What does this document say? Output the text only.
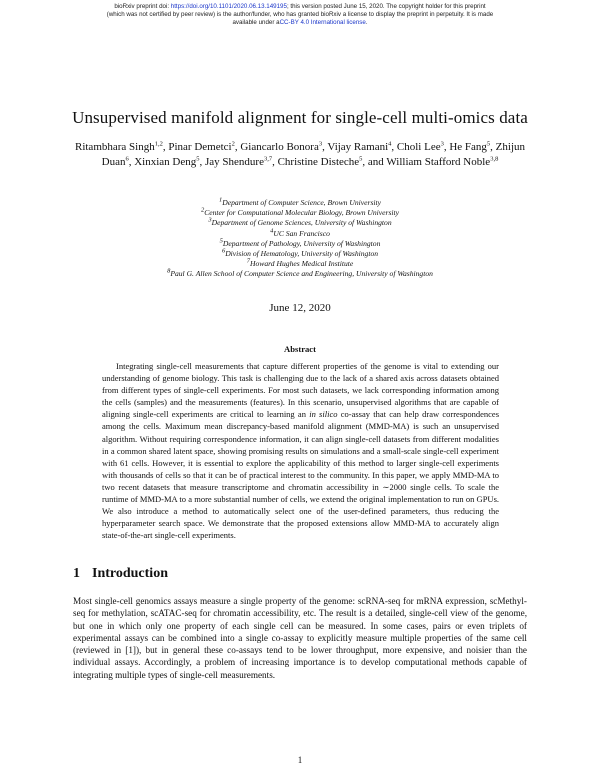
bioRxiv preprint doi: https://doi.org/10.1101/2020.06.13.149195; this version posted June 15, 2020. The copyright holder for this preprint
(which was not certified by peer review) is the author/funder, who has granted bioRxiv a license to display the preprint in perpetuity. It is made
available under aCC-BY 4.0 International license.
Unsupervised manifold alignment for single-cell multi-omics data
Ritambhara Singh$^{1,2}$, Pinar Demetci$^2$, Giancarlo Bonora$^3$, Vijay Ramani$^4$, Choli Lee$^3$, He Fang$^5$, Zhijun Duan$^6$, Xinxian Deng$^5$, Jay Shendure$^{3,7}$, Christine Disteche$^5$, and William Stafford Noble$^{3,8}$
$^1$Department of Computer Science, Brown University
$^2$Center for Computational Molecular Biology, Brown University
$^3$Department of Genome Sciences, University of Washington
$^4$UC San Francisco
$^5$Department of Pathology, University of Washington
$^6$Division of Hematology, University of Washington
$^7$Howard Hughes Medical Institute
$^8$Paul G. Allen School of Computer Science and Engineering, University of Washington
June 12, 2020
Abstract

Integrating single-cell measurements that capture different properties of the genome is vital to extending our understanding of genome biology. This task is challenging due to the lack of a shared axis across datasets obtained from different types of single-cell experiments. For most such datasets, we lack corresponding information among the cells (samples) and the measurements (features). In this scenario, unsupervised algorithms that are capable of aligning single-cell experiments are critical to learning an in silico co-assay that can help draw correspondences among the cells. Maximum mean discrepancy-based manifold alignment (MMD-MA) is such an unsupervised algorithm. Without requiring correspondence information, it can align single-cell datasets from different modalities in a common shared latent space, showing promising results on simulations and a small-scale single-cell experiment with 61 cells. However, it is essential to explore the applicability of this method to larger single-cell experiments with thousands of cells so that it can be of practical interest to the community. In this paper, we apply MMD-MA to two recent datasets that measure transcriptome and chromatin accessibility in ∼2000 single cells. To scale the runtime of MMD-MA to a more substantial number of cells, we extend the original implementation to run on GPUs. We also introduce a method to automatically select one of the user-defined parameters, thus reducing the hyperparameter search space. We demonstrate that the proposed extensions allow MMD-MA to accurately align state-of-the-art single-cell experiments.

1 Introduction

Most single-cell genomics assays measure a single property of the genome: scRNA-seq for mRNA expression, scMethyl-seq for methylation, scATAC-seq for chromatin accessibility, etc. The result is a detailed, single-cell view of the genome, but one in which only one property of each single cell can be measured. In some cases, pairs or even triplets of experimental assays can be combined into a single co-assay to explicitly measure multiple properties of the same cell (reviewed in [1]), but in general these co-assays tend to be lower throughput, more expensive, and noisier than the individual assays. Accordingly, a problem of increasing importance is to develop computational methods capable of integrating multiple types of single-cell measurements.

1
